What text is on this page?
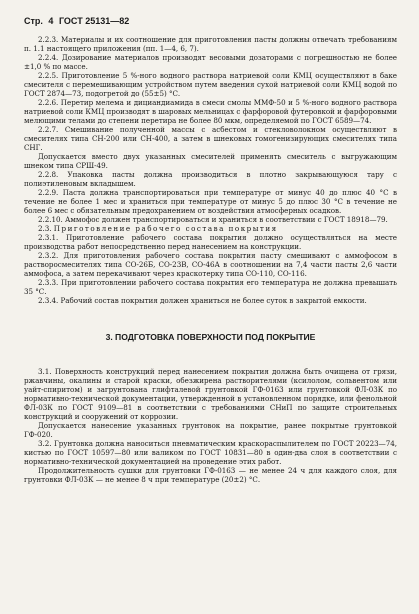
Стр. 4 ГОСТ 25131—82

2.2.3. Материалы и их соотношение для приготовления пасты должны отвечать требованиям п. 1.1 настоящего приложения (пп. 1—4, 6, 7).

2.2.4. Дозирование материалов производят весовыми дозаторами с погрешностью не более ±1,0 % по массе.

2.2.5. Приготовление 5 %-ного водного раствора натриевой соли КМЦ осуществляют в баке смесителя с перемешивающим устройством путем введения сухой натриевой соли КМЦ водой по ГОСТ 2874—73, подогретой до (55±5) °С.

2.2.6. Перетир мелема и дициандиамида в смеси смолы ММФ-50 и 5 %-ного водного раствора натриевой соли КМЦ производят в шаровых мельницах с фарфоровой футеровкой и фарфоровыми мелющими телами до степени перетира не более 80 мкм, определяемой по ГОСТ 6589—74.

2.2.7. Смешивание полученной массы с асбестом и стекловолокном осуществляют в смесителях типа СН-200 или СН-400, а затем в шнековых гомогенизирующих смесителях типа СНГ.

Допускается вместо двух указанных смесителей применять смеситель с выгружающим шнеком типа СРШ-49.

2.2.8. Упаковка пасты должна производиться в плотно закрывающуюся тару с полиэтиленовым вкладышем.

2.2.9. Паста должна транспортироваться при температуре от минус 40 до плюс 40 °С в течение не более 1 мес и храниться при температуре от минус 5 до плюс 30 °С в течение не более 6 мес с обязательным предохранением от воздействия атмосферных осадков.

2.2.10. Аммофос должен транспортироваться и храниться в соответствии с ГОСТ 18918—79.

2.3. Приготовление рабочего состава покрытия

2.3.1. Приготовление рабочего состава покрытия должно осуществляться на месте производства работ непосредственно перед нанесением на конструкции.

2.3.2. Для приготовления рабочего состава покрытия пасту смешивают с аммофосом в растворосмесителях типа СО-26Б, СО-23В, СО-46А в соотношении на 7,4 части пасты 2,6 части аммофоса, а затем перекачивают через краскотерку типа СО-110, СО-116.

2.3.3. При приготовлении рабочего состава покрытия его температура не должна превышать 35 °С.

2.3.4. Рабочий состав покрытия должен храниться не более суток в закрытой емкости.

3. ПОДГОТОВКА ПОВЕРХНОСТИ ПОД ПОКРЫТИЕ

3.1. Поверхность конструкций перед нанесением покрытия должна быть очищена от грязи, ржавчины, окалины и старой краски, обезжирена растворителями (ксилолом, сольвентом или уайт-спиритом) и загрунтована глифталевой грунтовкой ГФ-0163 или грунтовкой ФЛ-03К по нормативно-технической документации, утвержденной в установленном порядке, или фенольной ФЛ-03К по ГОСТ 9109—81 в соответствии с требованиями СНиП по защите строительных конструкций и сооружений от коррозии.

Допускается нанесение указанных грунтовок на покрытие, ранее покрытые грунтовкой ГФ-020.

3.2. Грунтовка должна наноситься пневматическим краскораспылителем по ГОСТ 20223—74, кистью по ГОСТ 10597—80 или валиком по ГОСТ 10831—80 в один-два слоя в соответствии с нормативно-технической документацией на проведение этих работ.

Продолжительность сушки для грунтовки ГФ-0163 — не менее 24 ч для каждого слоя, для грунтовки ФЛ-03К — не менее 8 ч при температуре (20±2) °С.
